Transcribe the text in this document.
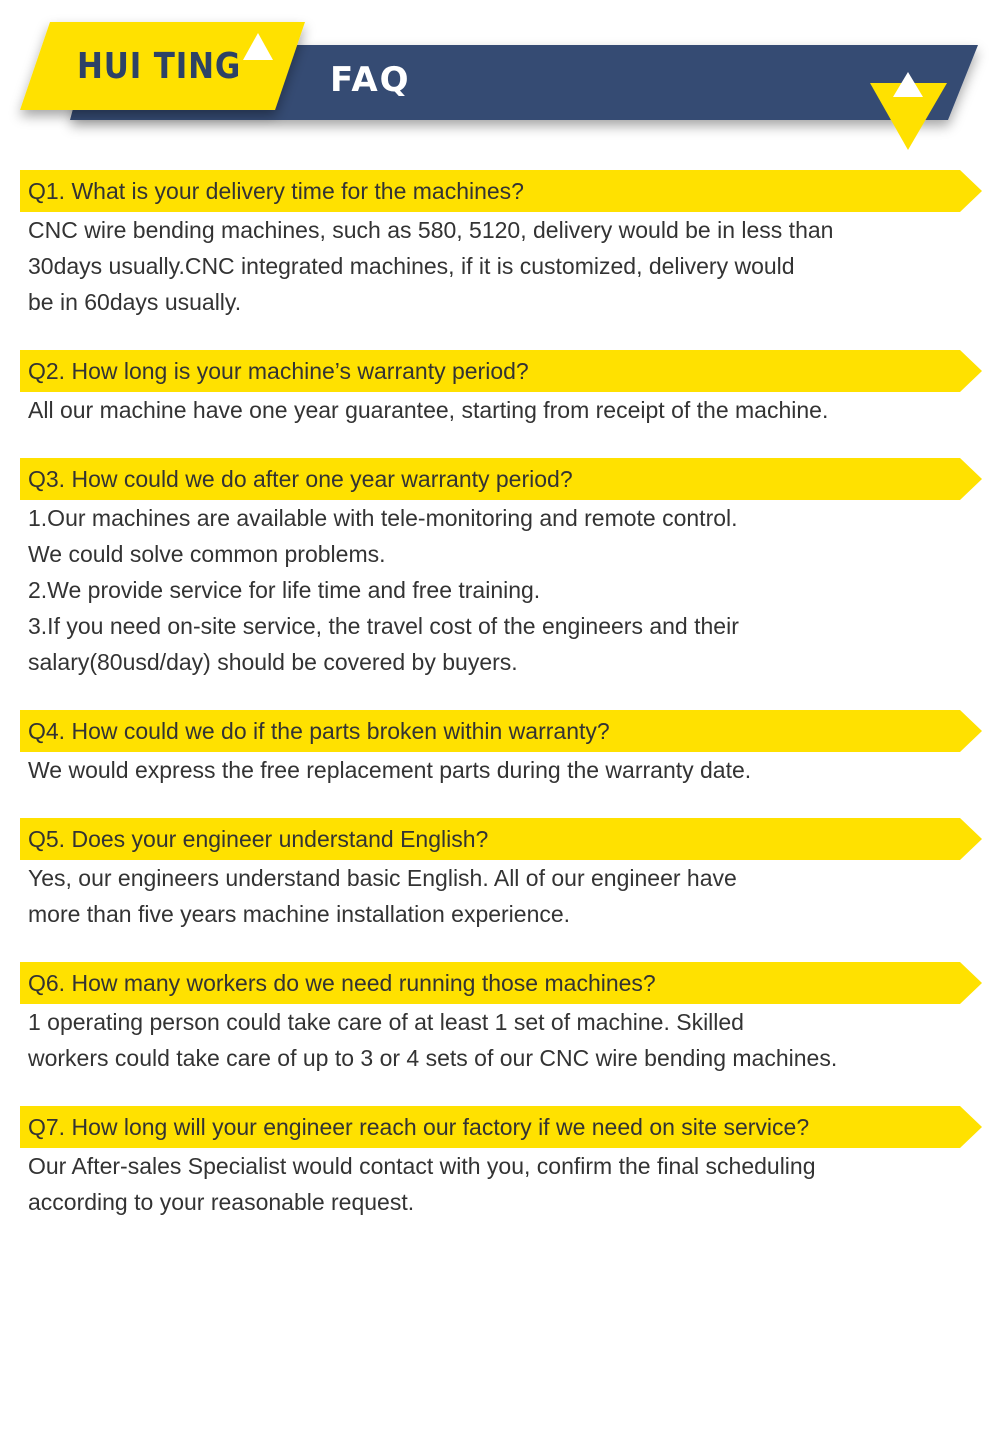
HUI TING	FAQ
Q1. What is your delivery time for the machines?

CNC wire bending machines, such as 580, 5120, delivery would be in less than
30days usually.CNC integrated machines, if it is customized, delivery would
be in 60days usually.

Q2. How long is your machine’s warranty period?

All our machine have one year guarantee, starting from receipt of the machine.

Q3. How could we do after one year warranty period?

1.Our machines are available with tele-monitoring and remote control.
We could solve common problems.
2.We provide service for life time and free training.
3.If you need on-site service, the travel cost of the engineers and their
salary(80usd/day) should be covered by buyers.

Q4. How could we do if the parts broken within warranty?

We would express the free replacement parts during the warranty date.

Q5. Does your engineer understand English?

Yes, our engineers understand basic English. All of our engineer have
more than five years machine installation experience.

Q6. How many workers do we need running those machines?

1 operating person could take care of at least 1 set of machine. Skilled
workers could take care of up to 3 or 4 sets of our CNC wire bending machines.

Q7. How long will your engineer reach our factory if we need on site service?

Our After-sales Specialist would contact with you, confirm the final scheduling
according to your reasonable request.
